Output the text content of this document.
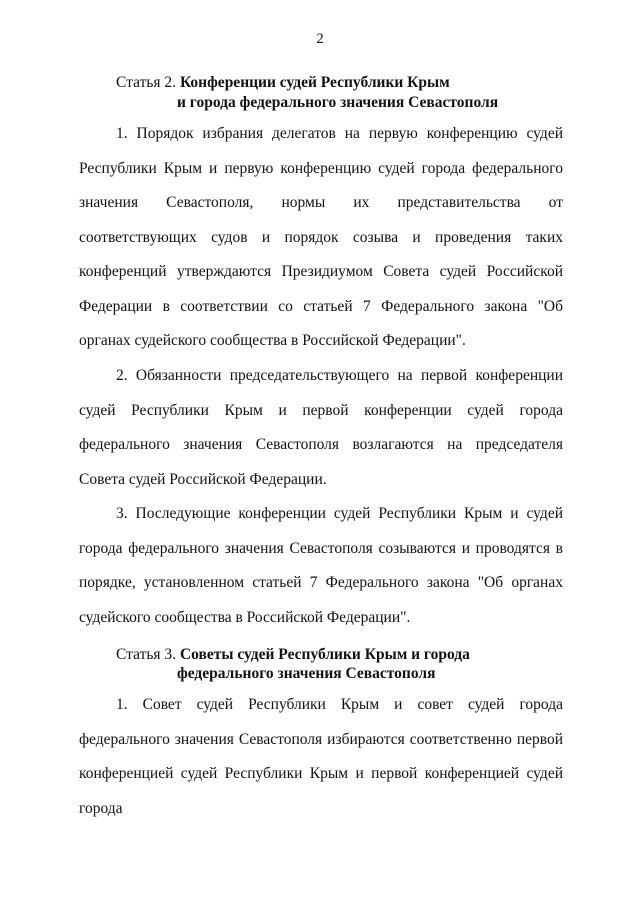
2
Статья 2. Конференции судей Республики Крым
и города федерального значения Севастополя

1. Порядок избрания делегатов на первую конференцию судей Республики Крым и первую конференцию судей города федерального значения Севастополя, нормы их представительства от соответствующих судов и порядок созыва и проведения таких конференций утверждаются Президиумом Совета судей Российской Федерации в соответствии со статьей 7 Федерального закона "Об органах судейского сообщества в Российской Федерации".

2. Обязанности председательствующего на первой конференции судей Республики Крым и первой конференции судей города федерального значения Севастополя возлагаются на председателя Совета судей Российской Федерации.

3. Последующие конференции судей Республики Крым и судей города федерального значения Севастополя созываются и проводятся в порядке, установленном статьей 7 Федерального закона "Об органах судейского сообщества в Российской Федерации".

Статья 3. Советы судей Республики Крым и города
федерального значения Севастополя

1. Совет судей Республики Крым и совет судей города федерального значения Севастополя избираются соответственно первой конференцией судей Республики Крым и первой конференцией судей города
